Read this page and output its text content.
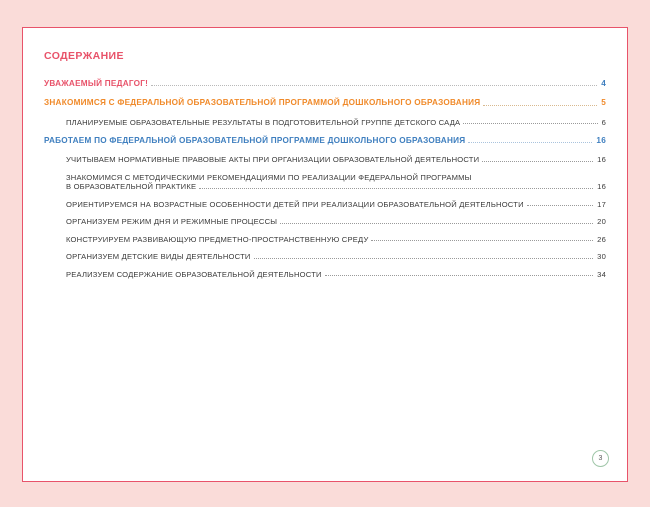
СОДЕРЖАНИЕ
УВАЖАЕМЫЙ ПЕДАГОГ!	4
ЗНАКОМИМСЯ С ФЕДЕРАЛЬНОЙ ОБРАЗОВАТЕЛЬНОЙ ПРОГРАММОЙ ДОШКОЛЬНОГО ОБРАЗОВАНИЯ	5
ПЛАНИРУЕМЫЕ ОБРАЗОВАТЕЛЬНЫЕ РЕЗУЛЬТАТЫ В ПОДГОТОВИТЕЛЬНОЙ ГРУППЕ ДЕТСКОГО САДА	6
РАБОТАЕМ ПО ФЕДЕРАЛЬНОЙ ОБРАЗОВАТЕЛЬНОЙ ПРОГРАММЕ ДОШКОЛЬНОГО ОБРАЗОВАНИЯ	16
УЧИТЫВАЕМ НОРМАТИВНЫЕ ПРАВОВЫЕ АКТЫ ПРИ ОРГАНИЗАЦИИ ОБРАЗОВАТЕЛЬНОЙ ДЕЯТЕЛЬНОСТИ	16
ЗНАКОМИМСЯ С МЕТОДИЧЕСКИМИ РЕКОМЕНДАЦИЯМИ ПО РЕАЛИЗАЦИИ ФЕДЕРАЛЬНОЙ ПРОГРАММЫ
В ОБРАЗОВАТЕЛЬНОЙ ПРАКТИКЕ	16
ОРИЕНТИРУЕМСЯ НА ВОЗРАСТНЫЕ ОСОБЕННОСТИ ДЕТЕЙ ПРИ РЕАЛИЗАЦИИ ОБРАЗОВАТЕЛЬНОЙ ДЕЯТЕЛЬНОСТИ	17
ОРГАНИЗУЕМ РЕЖИМ ДНЯ И РЕЖИМНЫЕ ПРОЦЕССЫ	20
КОНСТРУИРУЕМ РАЗВИВАЮЩУЮ ПРЕДМЕТНО-ПРОСТРАНСТВЕННУЮ СРЕДУ	26
ОРГАНИЗУЕМ ДЕТСКИЕ ВИДЫ ДЕЯТЕЛЬНОСТИ	30
РЕАЛИЗУЕМ СОДЕРЖАНИЕ ОБРАЗОВАТЕЛЬНОЙ ДЕЯТЕЛЬНОСТИ	34
3
